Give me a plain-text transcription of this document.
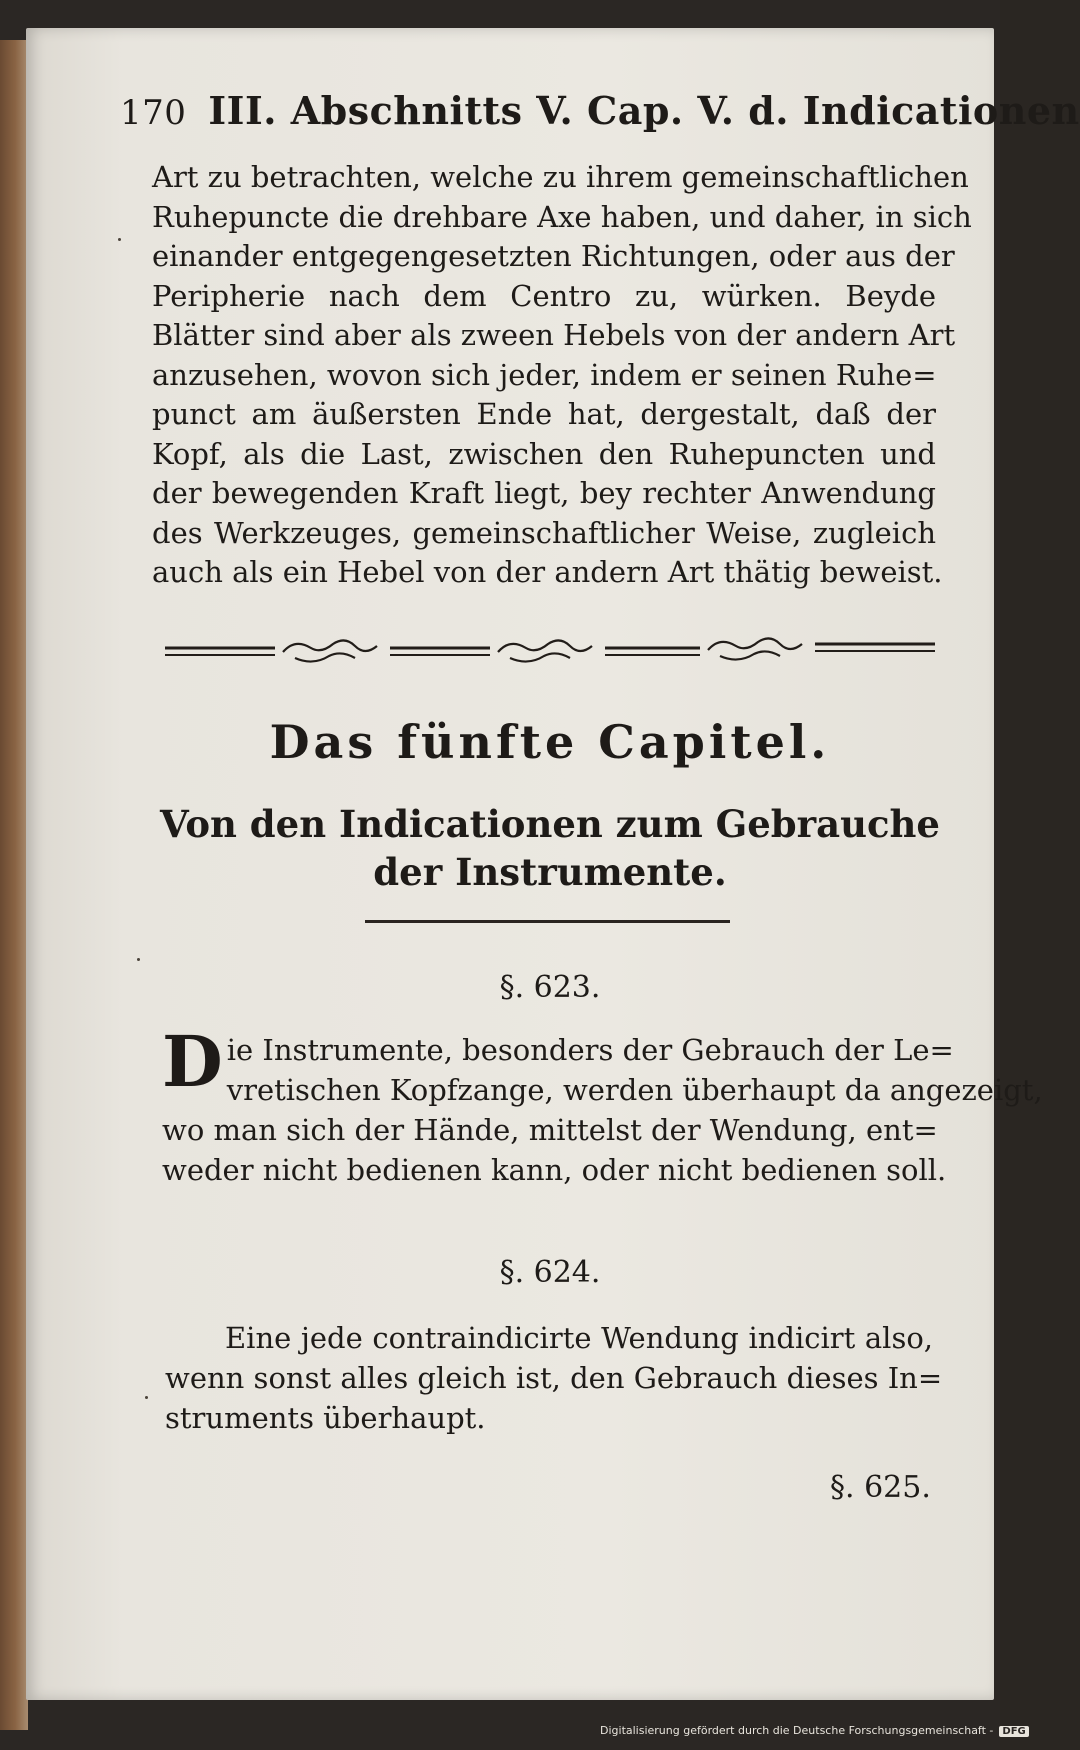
170 III. Abschnitts V. Cap. V. d. Indicationen
Art zu betrachten, welche zu ihrem gemeinschaftlichen
Ruhepuncte die drehbare Axe haben, und daher, in sich
einander entgegengesetzten Richtungen, oder aus der
Peripherie nach dem Centro zu, würken. Beyde
Blätter sind aber als zween Hebels von der andern Art
anzusehen, wovon sich jeder, indem er seinen Ruhe=
punct am äußersten Ende hat, dergestalt, daß der
Kopf, als die Last, zwischen den Ruhepuncten und
der bewegenden Kraft liegt, bey rechter Anwendung
des Werkzeuges, gemeinschaftlicher Weise, zugleich
auch als ein Hebel von der andern Art thätig beweist.
Das fünfte Capitel.
Von den Indicationen zum Gebrauche
der Instrumente.
§. 623.
D ie Instrumente, besonders der Gebrauch der Le=
vretischen Kopfzange, werden überhaupt da angezeigt,
wo man sich der Hände, mittelst der Wendung, ent=
weder nicht bedienen kann, oder nicht bedienen soll.
§. 624.
Eine jede contraindicirte Wendung indicirt also,
wenn sonst alles gleich ist, den Gebrauch dieses In=
struments überhaupt.
§. 625.
Digitalisierung gefördert durch die Deutsche Forschungsgemeinschaft - DFG
